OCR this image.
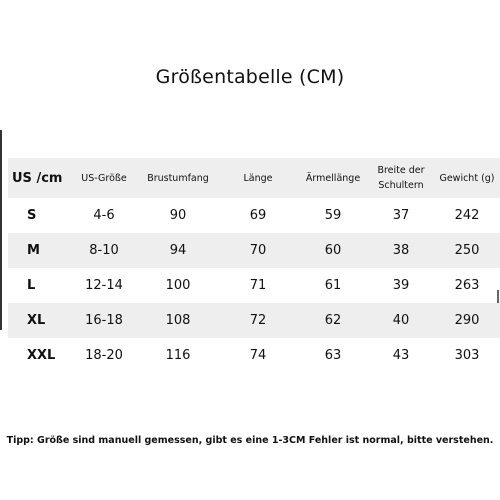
Größentabelle (CM)
US /cm	US-Größe	Brustumfang	Länge	Ärmellänge	Breite der Schultern	Gewicht (g)
S	4-6	90	69	59	37	242
M	8-10	94	70	60	38	250
L	12-14	100	71	61	39	263
XL	16-18	108	72	62	40	290
XXL	18-20	116	74	63	43	303
Tipp: Größe sind manuell gemessen, gibt es eine 1-3CM Fehler ist normal, bitte verstehen.
